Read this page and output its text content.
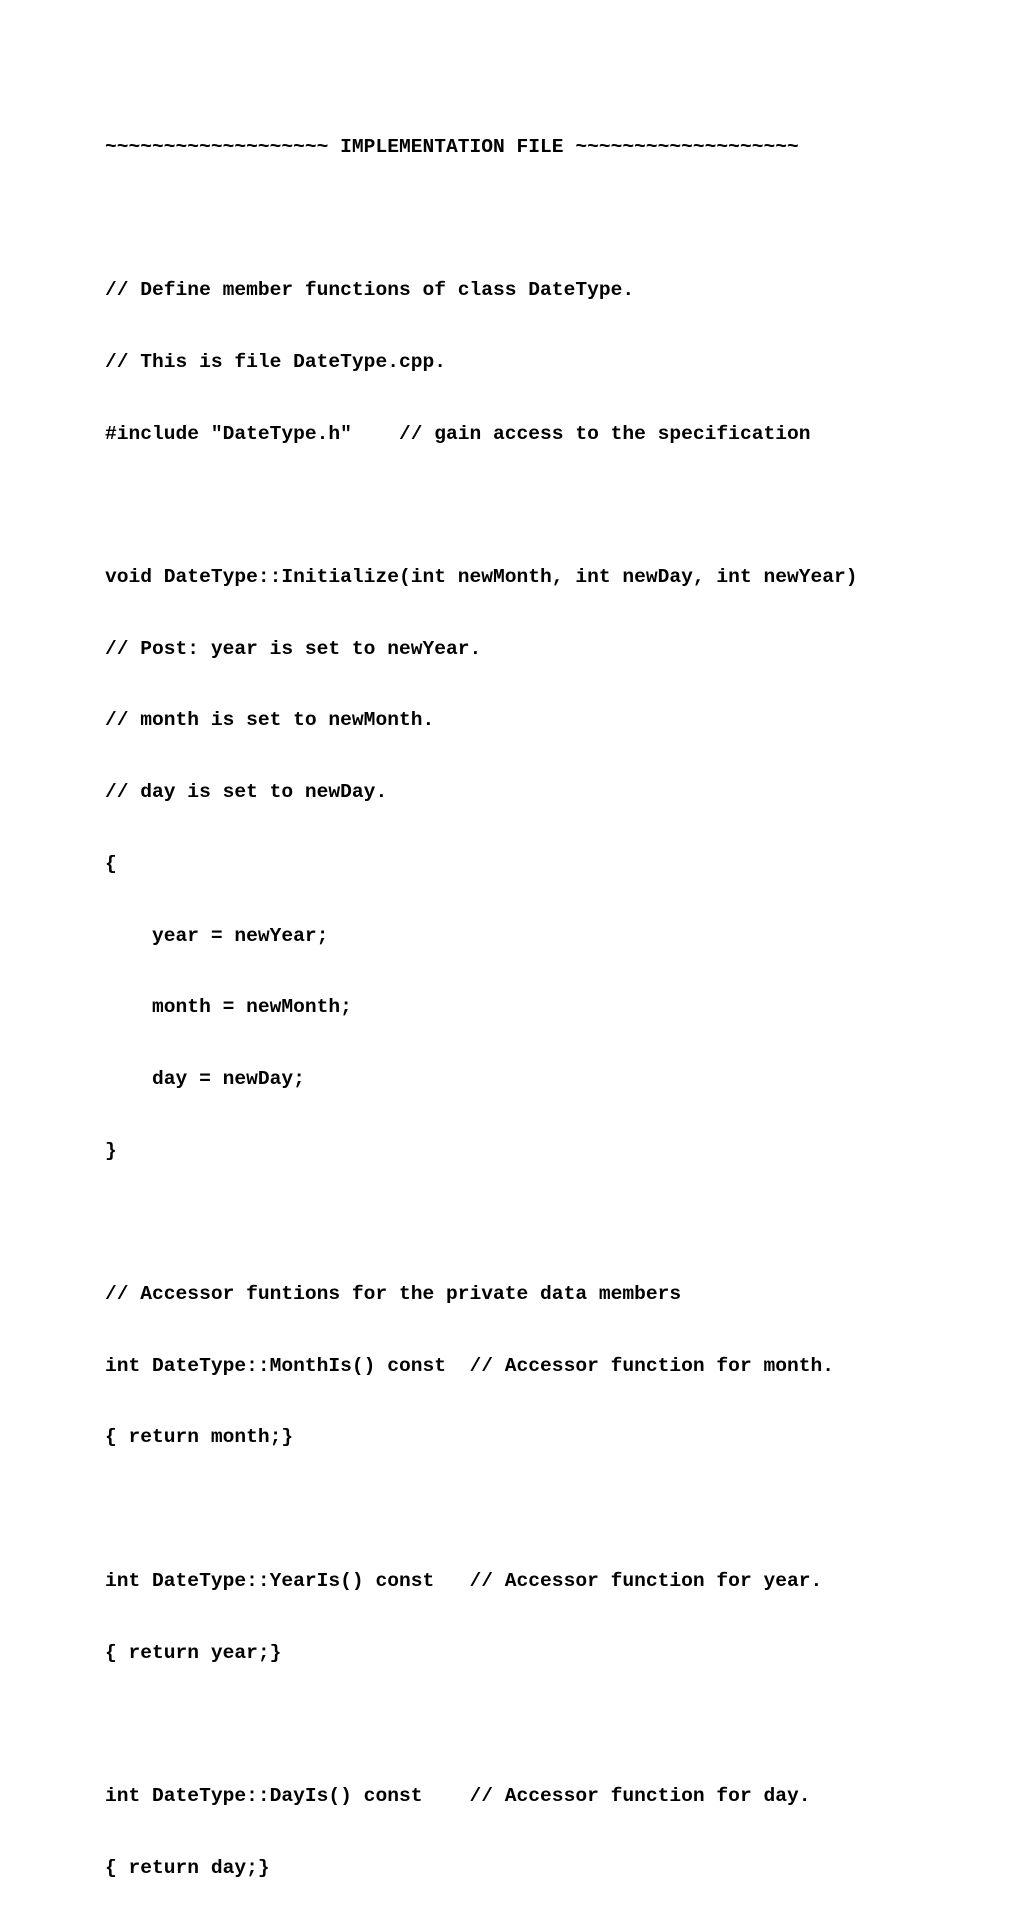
~~~~~~~~~~~~~~~~~~~ IMPLEMENTATION FILE ~~~~~~~~~~~~~~~~~~~

// Define member functions of class DateType.

// This is file DateType.cpp.

#include "DateType.h"    // gain access to the specification

void DateType::Initialize(int newMonth, int newDay, int newYear)

// Post: year is set to newYear.

// month is set to newMonth.

// day is set to newDay.

{

year = newYear;

month = newMonth;

day = newDay;

}

// Accessor funtions for the private data members

int DateType::MonthIs() const  // Accessor function for month.

{ return month;}

int DateType::YearIs() const   // Accessor function for year.

{ return year;}

int DateType::DayIs() const    // Accessor function for day.

{ return day;}
